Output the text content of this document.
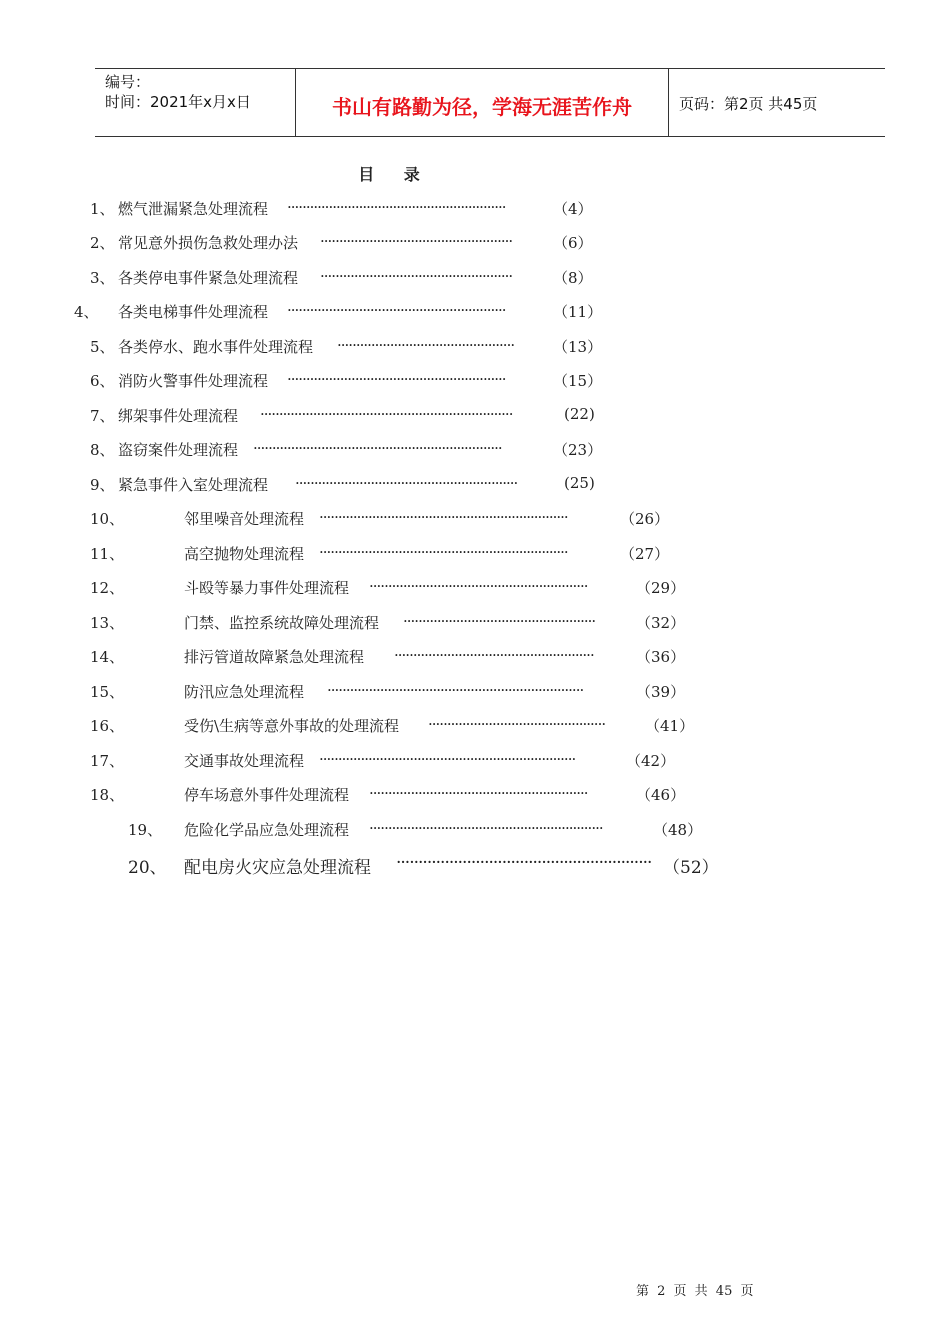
编号：
时间：2021年x月x日	书山有路勤为径，学海无涯苦作舟	页码：第2页 共45页
目 录
1、 燃气泄漏紧急处理流程 ··························································	（4）
2、 常见意外损伤急救处理办法 ···················································	（6）
3、 各类停电事件紧急处理流程 ···················································	（8）
4、 各类电梯事件处理流程 ··························································	（11）
5、 各类停水、跑水事件处理流程 ···············································	（13）
6、 消防火警事件处理流程 ··························································	（15）
7、 绑架事件处理流程 ···································································	(22)
8、 盗窃案件处理流程 ··································································	（23）
9、 紧急事件入室处理流程 ···························································	(25)
10、	邻里噪音处理流程 ··································································	（26）
11、	高空抛物处理流程 ··································································	（27）
12、	斗殴等暴力事件处理流程 ··························································	（29）
13、	门禁、监控系统故障处理流程 ···················································	（32）
14、	排污管道故障紧急处理流程 ·····················································	（36）
15、	防汛应急处理流程 ····································································	（39）
16、	受伤\生病等意外事故的处理流程 ···············································	（41）
17、	交通事故处理流程 ····································································	（42）
18、	停车场意外事件处理流程 ··························································	（46）
19、 危险化学品应急处理流程 ······························································	（48）
20、 配电房火灾应急处理流程 ·························································· （52）
第 2 页 共 45 页
